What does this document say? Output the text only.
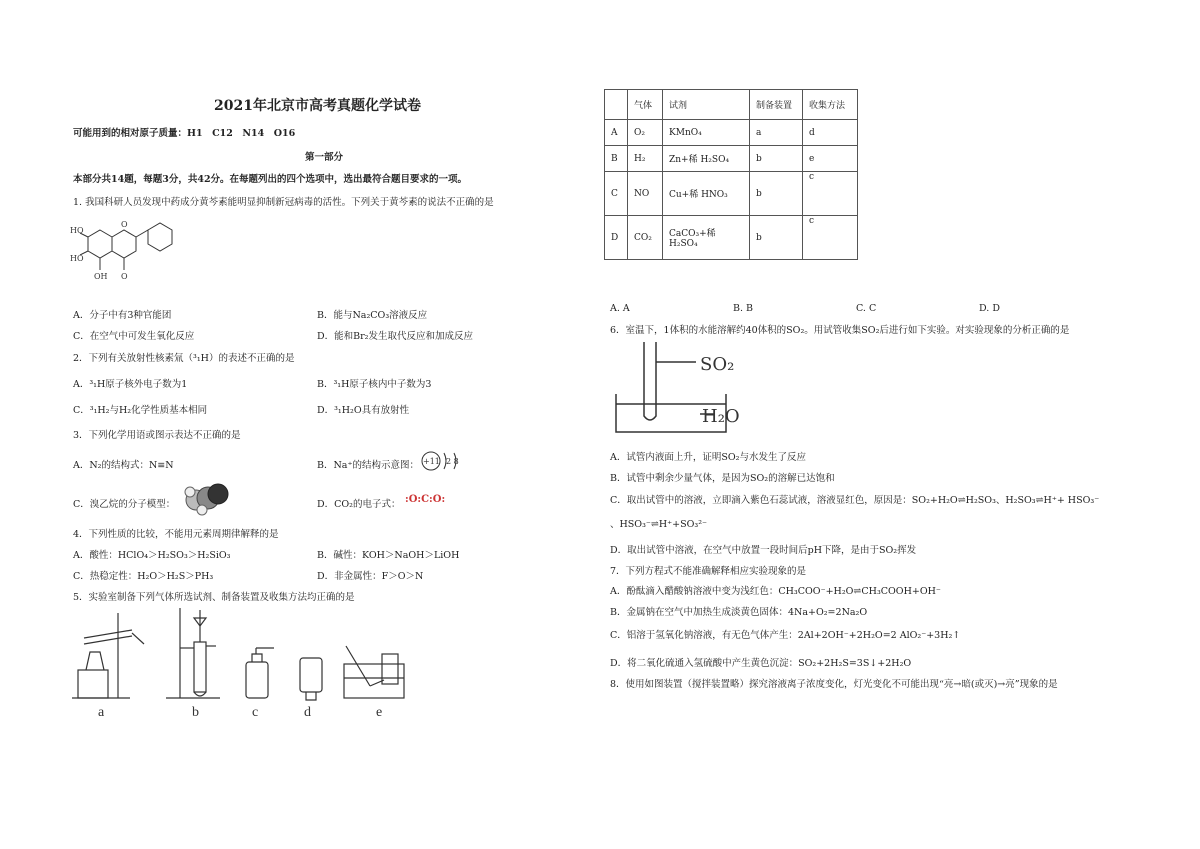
2021年北京市高考真题化学试卷
可能用到的相对原子质量：H1　C12　N14　O16
第一部分
本部分共14题，每题3分，共42分。在每题列出的四个选项中，选出最符合题目要求的一项。
1. 我国科研人员发现中药成分黄芩素能明显抑制新冠病毒的活性。下列关于黄芩素的说法不正确的是
HO
HO
OH O
O
A．分子中有3种官能团	B．能与Na₂CO₃溶液反应
C．在空气中可发生氧化反应	D．能和Br₂发生取代反应和加成反应
2．下列有关放射性核素氚（³₁H）的表述不正确的是
A．³₁H原子核外电子数为1	B．³₁H原子核内中子数为3
C．³₁H₂与H₂化学性质基本相同	D．³₁H₂O具有放射性
3．下列化学用语或图示表达不正确的是
A．N₂的结构式：N≡N	B．Na⁺的结构示意图： +11 2 8
C．溴乙烷的分子模型：	D．CO₂的电子式： :O:C:O:
4．下列性质的比较，不能用元素周期律解释的是
A．酸性：HClO₄＞H₂SO₃＞H₂SiO₃	B．碱性：KOH＞NaOH＞LiOH
C．热稳定性：H₂O＞H₂S＞PH₃	D．非金属性：F＞O＞N
5．实验室制备下列气体所选试剂、制备装置及收集方法均正确的是
a	b	c	d	e
	气体	试剂	制备装置	收集方法
A	O₂	KMnO₄	a	d
B	H₂	Zn+稀 H₂SO₄	b	e
C	NO	Cu+稀 HNO₃	b	c
D	CO₂	CaCO₃+稀
H₂SO₄	b	c
A. A	B. B	C. C	D. D
6．室温下，1体积的水能溶解约40体积的SO₂。用试管收集SO₂后进行如下实验。对实验现象的分析正确的是
SO₂
H₂O
A．试管内液面上升，证明SO₂与水发生了反应
B．试管中剩余少量气体，是因为SO₂的溶解已达饱和
C．取出试管中的溶液，立即滴入紫色石蕊试液，溶液显红色，原因是：SO₂+H₂O⇌H₂SO₃、H₂SO₃⇌H⁺+ HSO₃⁻
、HSO₃⁻⇌H⁺+SO₃²⁻
D．取出试管中溶液，在空气中放置一段时间后pH下降，是由于SO₂挥发
7．下列方程式不能准确解释相应实验现象的是
A．酚酞滴入醋酸钠溶液中变为浅红色：CH₃COO⁻+H₂O⇌CH₃COOH+OH⁻
B．金属钠在空气中加热生成淡黄色固体：4Na+O₂=2Na₂O
C．铝溶于氢氧化钠溶液，有无色气体产生：2Al+2OH⁻+2H₂O=2 AlO₂⁻+3H₂↑
D．将二氧化硫通入氢硫酸中产生黄色沉淀：SO₂+2H₂S=3S↓+2H₂O
8．使用如图装置（搅拌装置略）探究溶液离子浓度变化，灯光变化不可能出现“亮→暗(或灭)→亮”现象的是
